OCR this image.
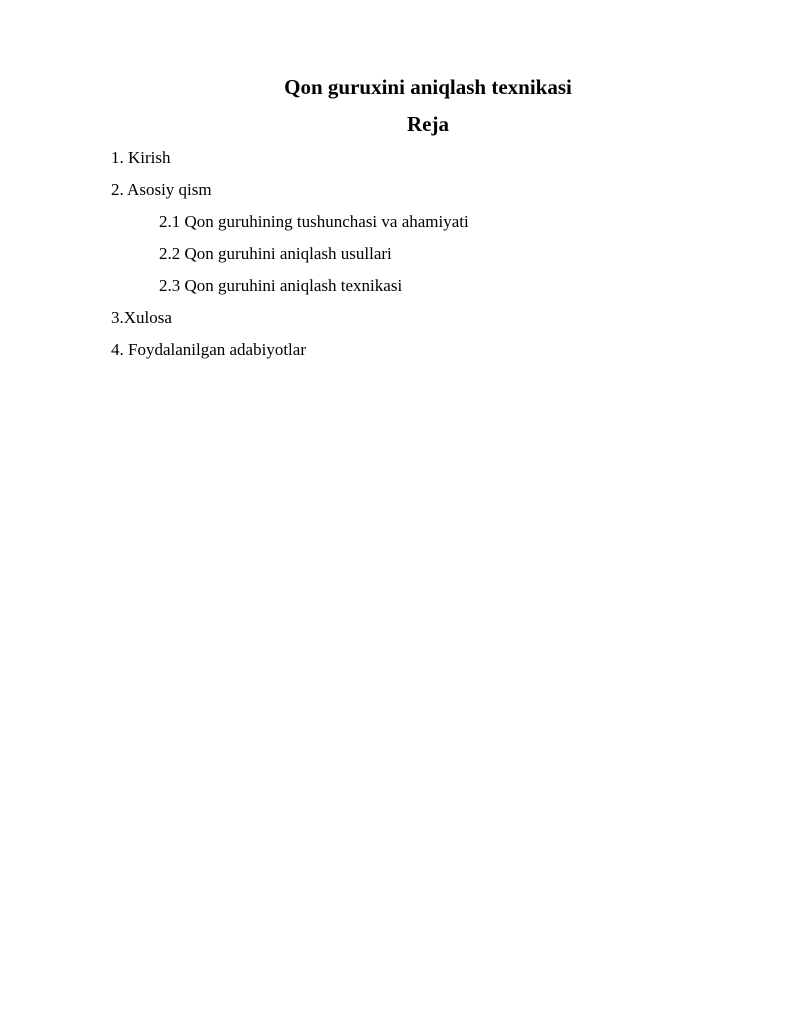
Qon guruxini aniqlash texnikasi
Reja
1. Kirish
2. Asosiy qism
2.1 Qon guruhining tushunchasi va ahamiyati
2.2 Qon guruhini aniqlash usullari
2.3 Qon guruhini aniqlash texnikasi
3.Xulosa
4. Foydalanilgan adabiyotlar
